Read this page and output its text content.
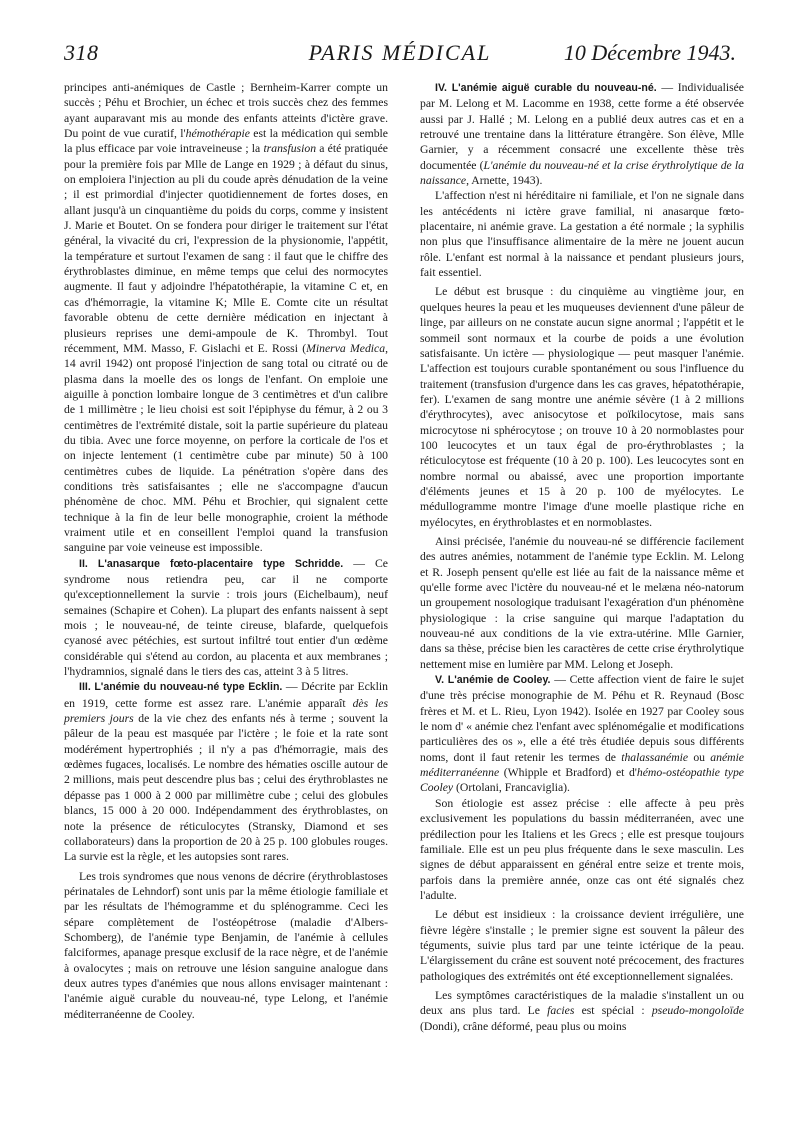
318	PARIS MÉDICAL	10 Décembre 1943.

principes anti-anémiques de Castle ; Bernheim-Karrer compte un succès ; Péhu et Brochier, un échec et trois succès chez des femmes ayant auparavant mis au monde des enfants atteints d'ictère grave. Du point de vue curatif, l'hémothérapie est la médication qui semble la plus efficace par voie intraveineuse ; la transfusion a été pratiquée pour la première fois par Mlle de Lange en 1929 ; à défaut du sinus, on emploiera l'injection au pli du coude après dénudation de la veine ; il est primordial d'injecter quotidiennement de fortes doses, en allant jusqu'à un cinquantième du poids du corps, comme y insistent J. Marie et Boutet. On se fondera pour diriger le traitement sur l'état général, la vivacité du cri, l'expression de la physionomie, l'appétit, la température et surtout l'examen de sang : il faut que le chiffre des érythroblastes diminue, en même temps que celui des normocytes augmente. Il faut y adjoindre l'hépatothérapie, la vitamine C et, en cas d'hémorragie, la vitamine K; Mlle E. Comte cite un résultat favorable obtenu de cette dernière médication en injectant à plusieurs reprises une demi-ampoule de K. Thrombyl. Tout récemment, MM. Masso, F. Gislachi et E. Rossi (Minerva Medica, 14 avril 1942) ont proposé l'injection de sang total ou citraté ou de plasma dans la moelle des os longs de l'enfant. On emploie une aiguille à ponction lombaire longue de 3 centimètres et d'un calibre de 1 millimètre ; le lieu choisi est soit l'épiphyse du fémur, à 2 ou 3 centimètres de l'extrémité distale, soit la partie supérieure du plateau du tibia. Avec une force moyenne, on perfore la corticale de l'os et on injecte lentement (1 centimètre cube par minute) 50 à 100 centimètres cubes de liquide. La pénétration s'opère dans des conditions très satisfaisantes ; elle ne s'accompagne d'aucun phénomène de choc. MM. Péhu et Brochier, qui signalent cette technique à la fin de leur belle monographie, croient la méthode vraiment utile et en conseillent l'emploi quand la transfusion sanguine par voie veineuse est impossible.

II. L'anasarque fœto-placentaire type Schridde. — Ce syndrome nous retiendra peu, car il ne comporte qu'exceptionnellement la survie : trois jours (Eichelbaum), neuf semaines (Schapire et Cohen). La plupart des enfants naissent à sept mois ; le nouveau-né, de teinte cireuse, blafarde, quelquefois cyanosé avec pétéchies, est surtout infiltré tout entier d'un œdème considérable qui s'étend au cordon, au placenta et aux membranes ; l'hydramnios, signalé dans le tiers des cas, atteint 3 à 5 litres.

III. L'anémie du nouveau-né type Ecklin. — Décrite par Ecklin en 1919, cette forme est assez rare. L'anémie apparaît dès les premiers jours de la vie chez des enfants nés à terme ; souvent la pâleur de la peau est masquée par l'ictère ; le foie et la rate sont modérément hypertrophiés ; il n'y a pas d'hémorragie, mais des œdèmes fugaces, localisés. Le nombre des hématies oscille autour de 2 millions, mais peut descendre plus bas ; celui des érythroblastes ne dépasse pas 1 000 à 2 000 par millimètre cube ; celui des globules blancs, 15 000 à 20 000. Indépendamment des érythroblastes, on note la présence de réticulocytes (Stransky, Diamond et ses collaborateurs) dans la proportion de 20 à 25 p. 100 globules rouges. La survie est la règle, et les autopsies sont rares.

Les trois syndromes que nous venons de décrire (érythroblastoses périnatales de Lehndorf) sont unis par la même étiologie familiale et par les résultats de l'hémogramme et du splénogramme. Ceci les sépare complètement de l'ostéopétrose (maladie d'Albers-Schomberg), de l'anémie type Benjamin, de l'anémie à cellules falciformes, apanage presque exclusif de la race nègre, et de l'anémie à ovalocytes ; mais on retrouve une lésion sanguine analogue dans deux autres types d'anémies que nous allons envisager maintenant : l'anémie aiguë curable du nouveau-né, type Lelong, et l'anémie méditerranéenne de Cooley.

IV. L'anémie aiguë curable du nouveau-né. — Individualisée par M. Lelong et M. Lacomme en 1938, cette forme a été observée aussi par J. Hallé ; M. Lelong en a publié deux autres cas et en a retrouvé une trentaine dans la littérature étrangère. Son élève, Mlle Garnier, y a récemment consacré une excellente thèse très documentée (L'anémie du nouveau-né et la crise érythrolytique de la naissance, Arnette, 1943).

L'affection n'est ni héréditaire ni familiale, et l'on ne signale dans les antécédents ni ictère grave familial, ni anasarque fœto-placentaire, ni anémie grave. La gestation a été normale ; la syphilis non plus que l'insuffisance alimentaire de la mère ne jouent aucun rôle. L'enfant est normal à la naissance et pendant plusieurs jours, fait essentiel.

Le début est brusque : du cinquième au vingtième jour, en quelques heures la peau et les muqueuses deviennent d'une pâleur de linge, par ailleurs on ne constate aucun signe anormal ; l'appétit et le sommeil sont normaux et la courbe de poids a une évolution satisfaisante. Un ictère — physiologique — peut masquer l'anémie. L'affection est toujours curable spontanément ou sous l'influence du traitement (transfusion d'urgence dans les cas graves, hépatothérapie, fer). L'examen de sang montre une anémie sévère (1 à 2 millions d'érythrocytes), avec anisocytose et poïkilocytose, mais sans microcytose ni sphérocytose ; on trouve 10 à 20 normoblastes pour 100 leucocytes et un taux égal de pro-érythroblastes ; la réticulocytose est fréquente (10 à 20 p. 100). Les leucocytes sont en nombre normal ou abaissé, avec une proportion importante d'éléments jeunes et 15 à 20 p. 100 de myélocytes. Le médullogramme montre l'image d'une moelle plastique riche en myélocytes, en érythroblastes et en normoblastes.

Ainsi précisée, l'anémie du nouveau-né se différencie facilement des autres anémies, notamment de l'anémie type Ecklin. M. Lelong et R. Joseph pensent qu'elle est liée au fait de la naissance même et qu'elle forme avec l'ictère du nouveau-né et le melæna néo-natorum un groupement nosologique traduisant l'exagération d'un phénomène physiologique : la crise sanguine qui marque l'adaptation du nouveau-né aux conditions de la vie extra-utérine. Mlle Garnier, dans sa thèse, précise bien les caractères de cette crise érythrolytique nettement mise en lumière par MM. Lelong et Joseph.

V. L'anémie de Cooley. — Cette affection vient de faire le sujet d'une très précise monographie de M. Péhu et R. Reynaud (Bosc frères et M. et L. Rieu, Lyon 1942). Isolée en 1927 par Cooley sous le nom d' « anémie chez l'enfant avec splénomégalie et modifications particulières des os », elle a été très étudiée depuis sous différents noms, dont il faut retenir les termes de thalassanémie ou anémie méditerranéenne (Whipple et Bradford) et d'hémo-ostéopathie type Cooley (Ortolani, Francaviglia).

Son étiologie est assez précise : elle affecte à peu près exclusivement les populations du bassin méditerranéen, avec une prédilection pour les Italiens et les Grecs ; elle est presque toujours familiale. Elle est un peu plus fréquente dans le sexe masculin. Les signes de début apparaissent en général entre seize et trente mois, parfois dans la première année, onze cas ont été signalés chez l'adulte.

Le début est insidieux : la croissance devient irrégulière, une fièvre légère s'installe ; le premier signe est souvent la pâleur des téguments, suivie plus tard par une teinte ictérique de la peau. L'élargissement du crâne est souvent noté précocement, des fractures pathologiques des extrémités ont été exceptionnellement signalées.

Les symptômes caractéristiques de la maladie s'installent un ou deux ans plus tard. Le facies est spécial : pseudo-mongoloïde (Dondi), crâne déformé, peau plus ou moins
